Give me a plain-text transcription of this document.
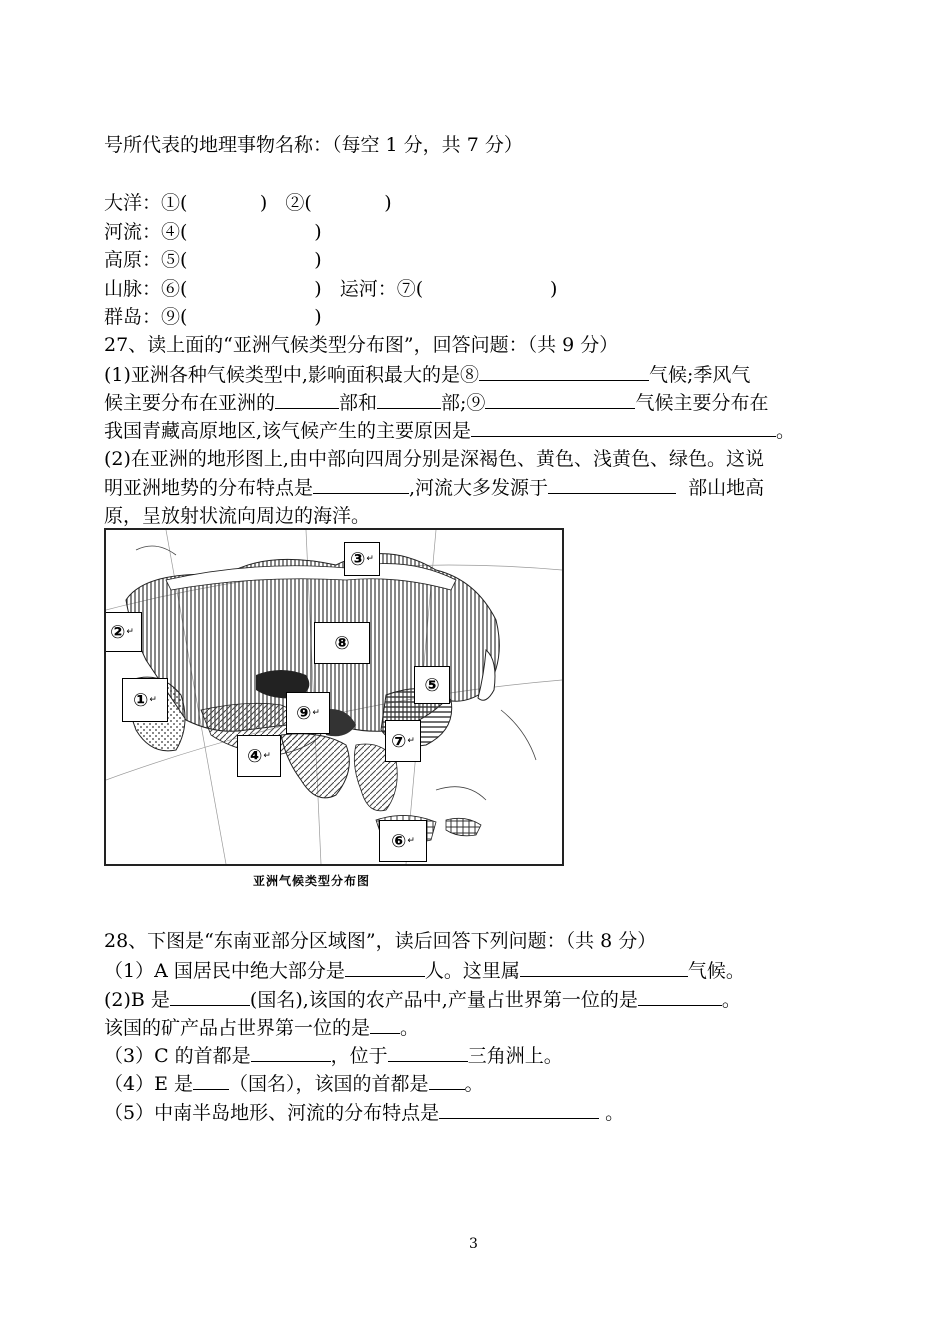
号所代表的地理事物名称：（每空 1 分，共 7 分）
大洋：①(            )   ②(            )
河流：④(                     )
高原：⑤(                     )
山脉：⑥(                     )   运河：⑦(                     )
群岛：⑨(                     )
27、读上面的“亚洲气候类型分布图”，回答问题：（共 9 分）
(1)亚洲各种气候类型中,影响面积最大的是⑧	气候;季风气
候主要分布在亚洲的	部和	部;⑨	气候主要分布在
我国青藏高原地区,该气候产生的主要原因是	。
(2)在亚洲的地形图上,由中部向四周分别是深褐色、黄色、浅黄色、绿色。这说
明亚洲地势的分布特点是	,河流大多发源于	部山地高
原，呈放射状流向周边的海洋。
③ ↵
② ↵
⑧
① ↵
⑤
⑨ ↵
⑦ ↵
④ ↵
⑥ ↵
亚洲气候类型分布图
28、下图是“东南亚部分区域图”，读后回答下列问题：（共 8 分）
（1）A 国居民中绝大部分是	人。这里属	气候。
(2)B 是	(国名),该国的农产品中,产量占世界第一位的是	。
该国的矿产品占世界第一位的是 。
（3）C 的首都是	，位于	三角洲上。
（4）E 是 （国名），该国的首都是 。
（5）中南半岛地形、河流的分布特点是	。
3
